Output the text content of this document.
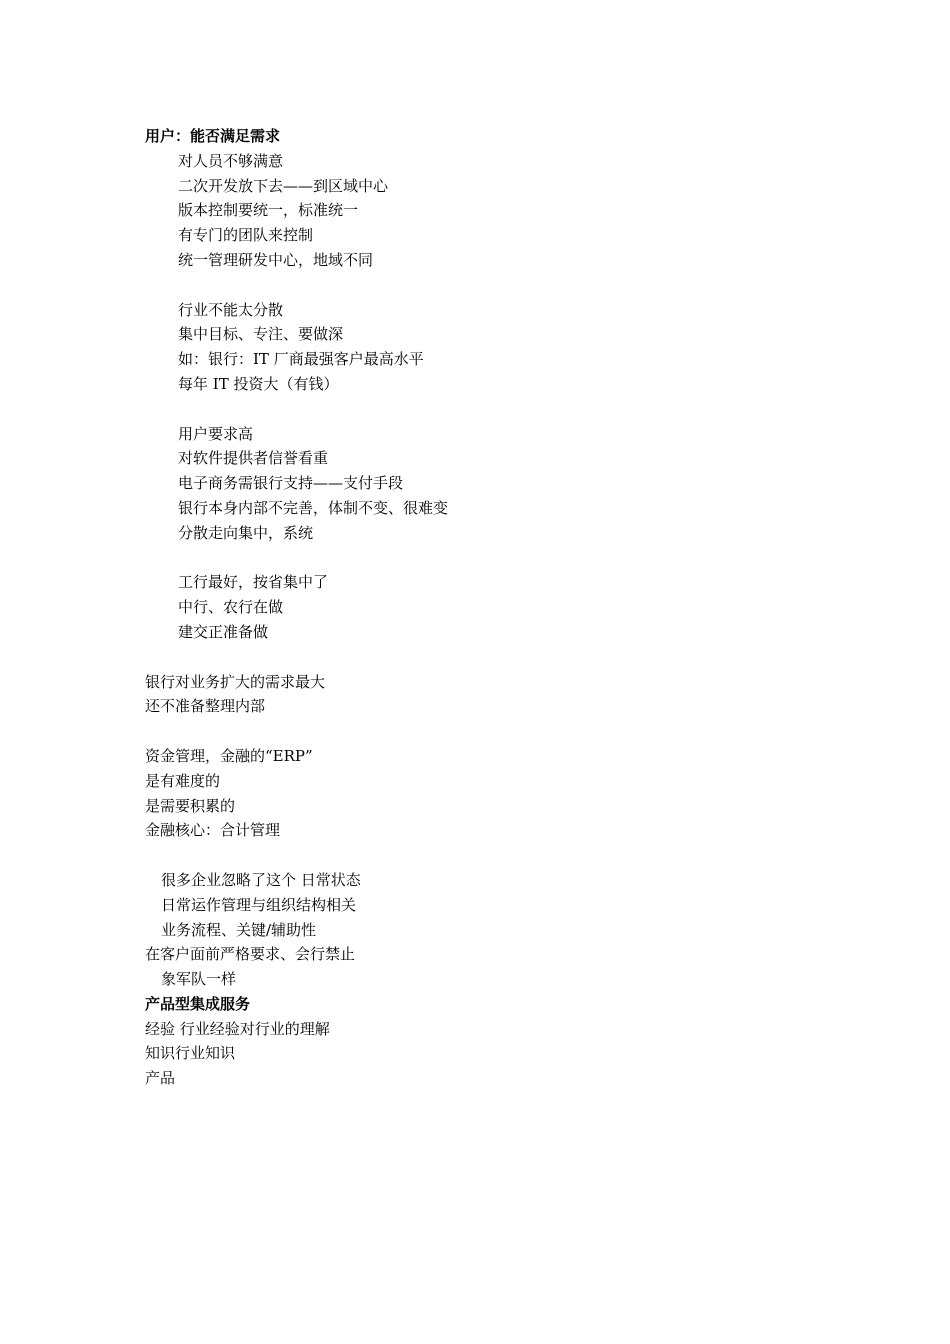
用户：能否满足需求
对人员不够满意
二次开发放下去——到区域中心
版本控制要统一，标准统一
有专门的团队来控制
统一管理研发中心，地域不同
行业不能太分散
集中目标、专注、要做深
如：银行：IT 厂商最强客户最高水平
每年 IT 投资大（有钱）
用户要求高
对软件提供者信誉看重
电子商务需银行支持——支付手段
银行本身内部不完善，体制不变、很难变
分散走向集中，系统
工行最好，按省集中了
中行、农行在做
建交正准备做
银行对业务扩大的需求最大
还不准备整理内部
资金管理，金融的“ERP”
是有难度的
是需要积累的
金融核心：合计管理
很多企业忽略了这个 日常状态
日常运作管理与组织结构相关
业务流程、关键/辅助性
在客户面前严格要求、会行禁止
象军队一样
产品型集成服务
经验 行业经验对行业的理解
知识行业知识
产品
